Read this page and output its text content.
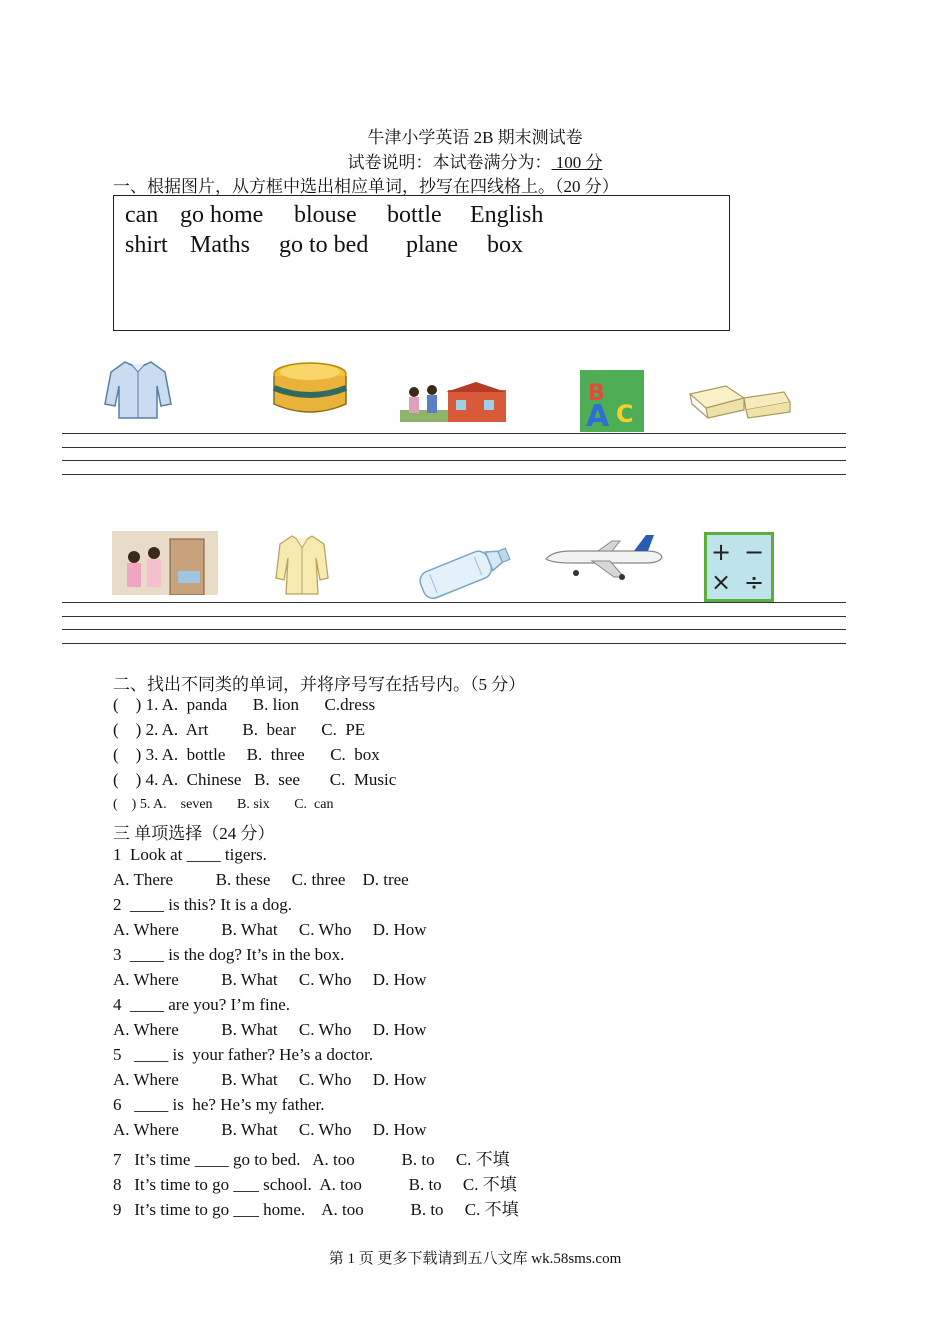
牛津小学英语 2B 期末测试卷
试卷说明：本试卷满分为： 100 分
一、根据图片，从方框中选出相应单词，抄写在四线格上。（20 分）
can go home blouse bottle English
shirt Maths go to bed plane box
B
A C
+ −
× ÷
二、找出不同类的单词，并将序号写在括号内。（5 分）
(    ) 1. A.  panda      B. lion      C.dress
(    ) 2. A.  Art        B.  bear      C.  PE
(    ) 3. A.  bottle     B.  three      C.  box
(    ) 4. A.  Chinese   B.  see       C.  Music
(    ) 5. A.    seven       B. six       C.  can
三 单项选择（24 分）
1  Look at ____ tigers.
A. There          B. these     C. three    D. tree
2  ____ is this? It is a dog.
A. Where          B. What     C. Who     D. How
3  ____ is the dog? It’s in the box.
A. Where          B. What     C. Who     D. How
4  ____ are you? I’m fine.
A. Where          B. What     C. Who     D. How
5   ____ is  your father? He’s a doctor.
A. Where          B. What     C. Who     D. How
6   ____ is  he? He’s my father.
A. Where          B. What     C. Who     D. How
7   It’s time ____ go to bed.   A. too           B. to     C. 不填
8   It’s time to go ___ school.  A. too           B. to     C. 不填
9   It’s time to go ___ home.    A. too           B. to     C. 不填
第 1 页 更多下载请到五八文库 wk.58sms.com
